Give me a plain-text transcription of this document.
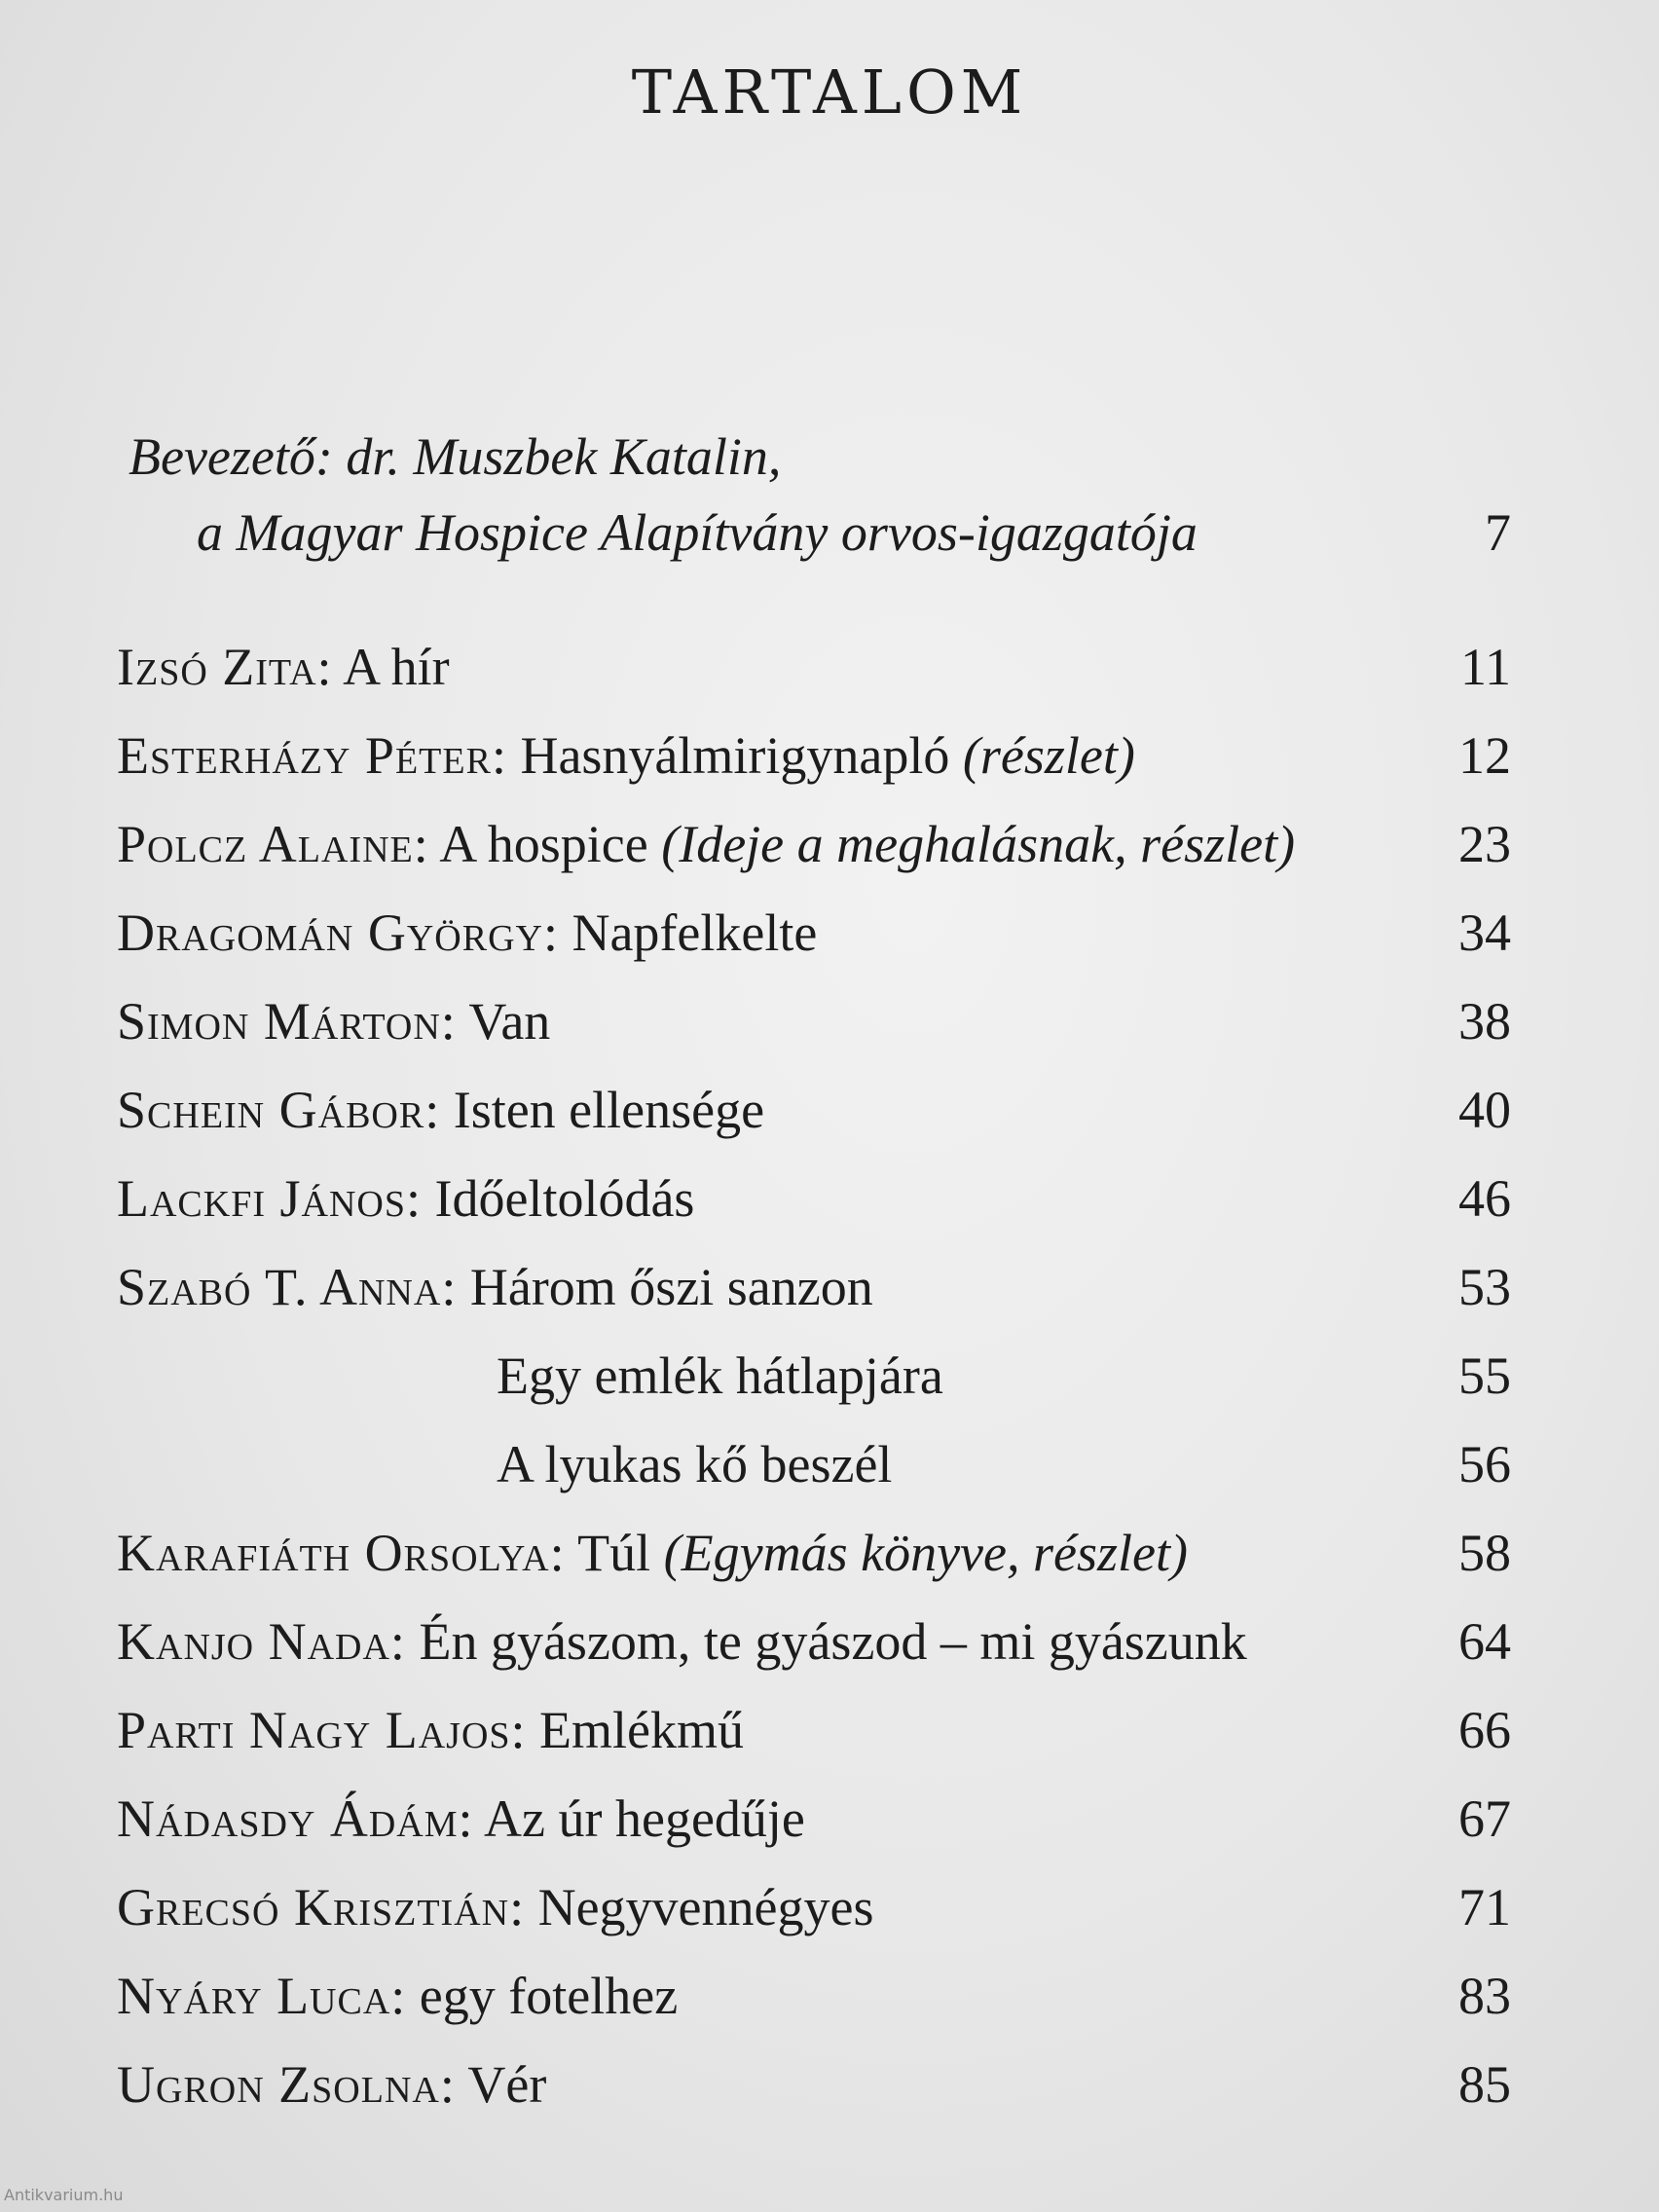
TARTALOM
Bevezető: dr. Muszbek Katalin,
a Magyar Hospice Alapítvány orvos-igazgatója	7
Izsó Zita: A hír	11
Esterházy Péter: Hasnyálmirigynapló (részlet)	12
Polcz Alaine: A hospice (Ideje a meghalásnak, részlet)	23
Dragomán György: Napfelkelte	34
Simon Márton: Van	38
Schein Gábor: Isten ellensége	40
Lackfi János: Időeltolódás	46
Szabó T. Anna: Három őszi sanzon	53
Egy emlék hátlapjára	55
A lyukas kő beszél	56
Karafiáth Orsolya: Túl (Egymás könyve, részlet)	58
Kanjo Nada: Én gyászom, te gyászod – mi gyászunk	64
Parti Nagy Lajos: Emlékmű	66
Nádasdy Ádám: Az úr hegedűje	67
Grecsó Krisztián: Negyvennégyes	71
Nyáry Luca: egy fotelhez	83
Ugron Zsolna: Vér	85
Antikvarium.hu
